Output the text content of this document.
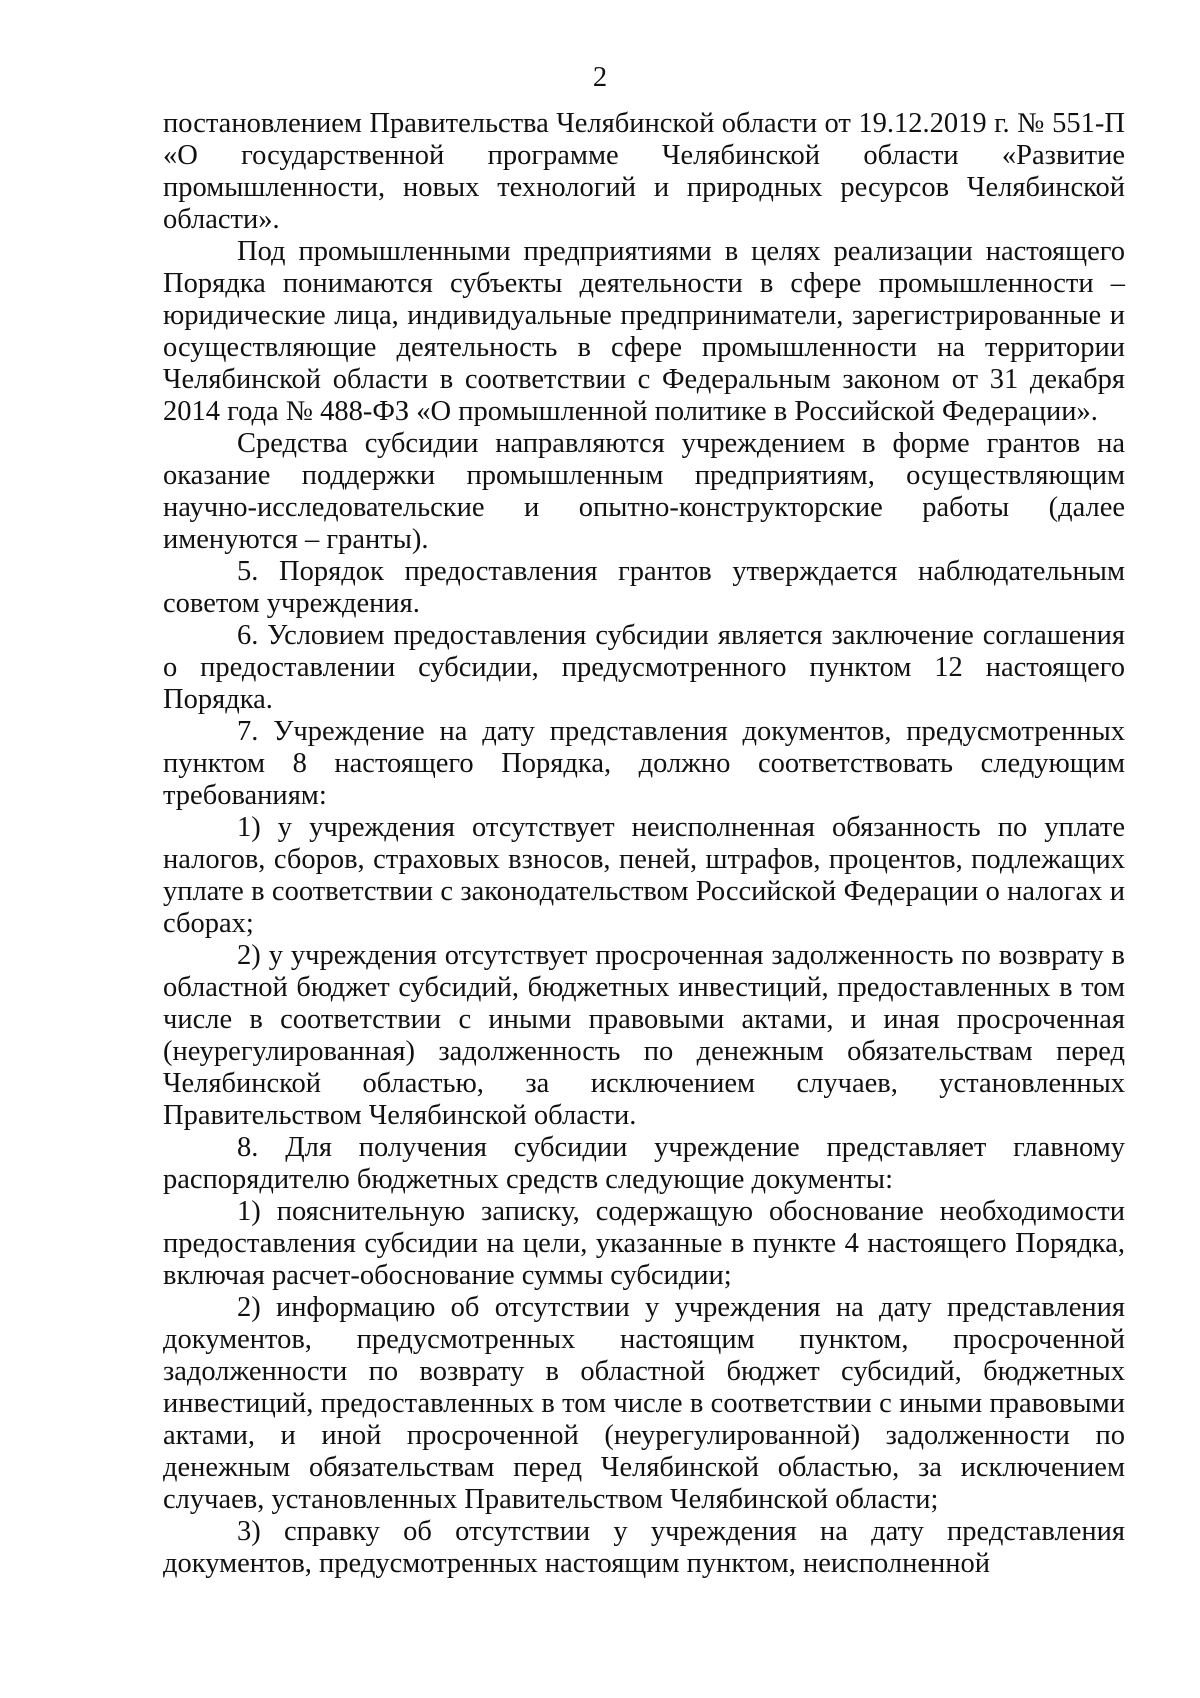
2

постановлением Правительства Челябинской области от 19.12.2019 г. № 551-П «О государственной программе Челябинской области «Развитие промышленности, новых технологий и природных ресурсов Челябинской области».

Под промышленными предприятиями в целях реализации настоящего Порядка понимаются субъекты деятельности в сфере промышленности – юридические лица, индивидуальные предприниматели, зарегистрированные и осуществляющие деятельность в сфере промышленности на территории Челябинской области в соответствии с Федеральным законом от 31 декабря 2014 года № 488-ФЗ «О промышленной политике в Российской Федерации».

Средства субсидии направляются учреждением в форме грантов на оказание поддержки промышленным предприятиям, осуществляющим научно-исследовательские и опытно-конструкторские работы (далее именуются – гранты).

5. Порядок предоставления грантов утверждается наблюдательным советом учреждения.

6. Условием предоставления субсидии является заключение соглашения о предоставлении субсидии, предусмотренного пунктом 12 настоящего Порядка.

7. Учреждение на дату представления документов, предусмотренных пунктом 8 настоящего Порядка, должно соответствовать следующим требованиям:

1) у учреждения отсутствует неисполненная обязанность по уплате налогов, сборов, страховых взносов, пеней, штрафов, процентов, подлежащих уплате в соответствии с законодательством Российской Федерации о налогах и сборах;

2) у учреждения отсутствует просроченная задолженность по возврату в областной бюджет субсидий, бюджетных инвестиций, предоставленных в том числе в соответствии с иными правовыми актами, и иная просроченная (неурегулированная) задолженность по денежным обязательствам перед Челябинской областью, за исключением случаев, установленных Правительством Челябинской области.

8. Для получения субсидии учреждение представляет главному распорядителю бюджетных средств следующие документы:

1) пояснительную записку, содержащую обоснование необходимости предоставления субсидии на цели, указанные в пункте 4 настоящего Порядка, включая расчет-обоснование суммы субсидии;

2) информацию об отсутствии у учреждения на дату представления документов, предусмотренных настоящим пунктом, просроченной задолженности по возврату в областной бюджет субсидий, бюджетных инвестиций, предоставленных в том числе в соответствии с иными правовыми актами, и иной просроченной (неурегулированной) задолженности по денежным обязательствам перед Челябинской областью, за исключением случаев, установленных Правительством Челябинской области;

3) справку об отсутствии у учреждения на дату представления документов, предусмотренных настоящим пунктом, неисполненной
